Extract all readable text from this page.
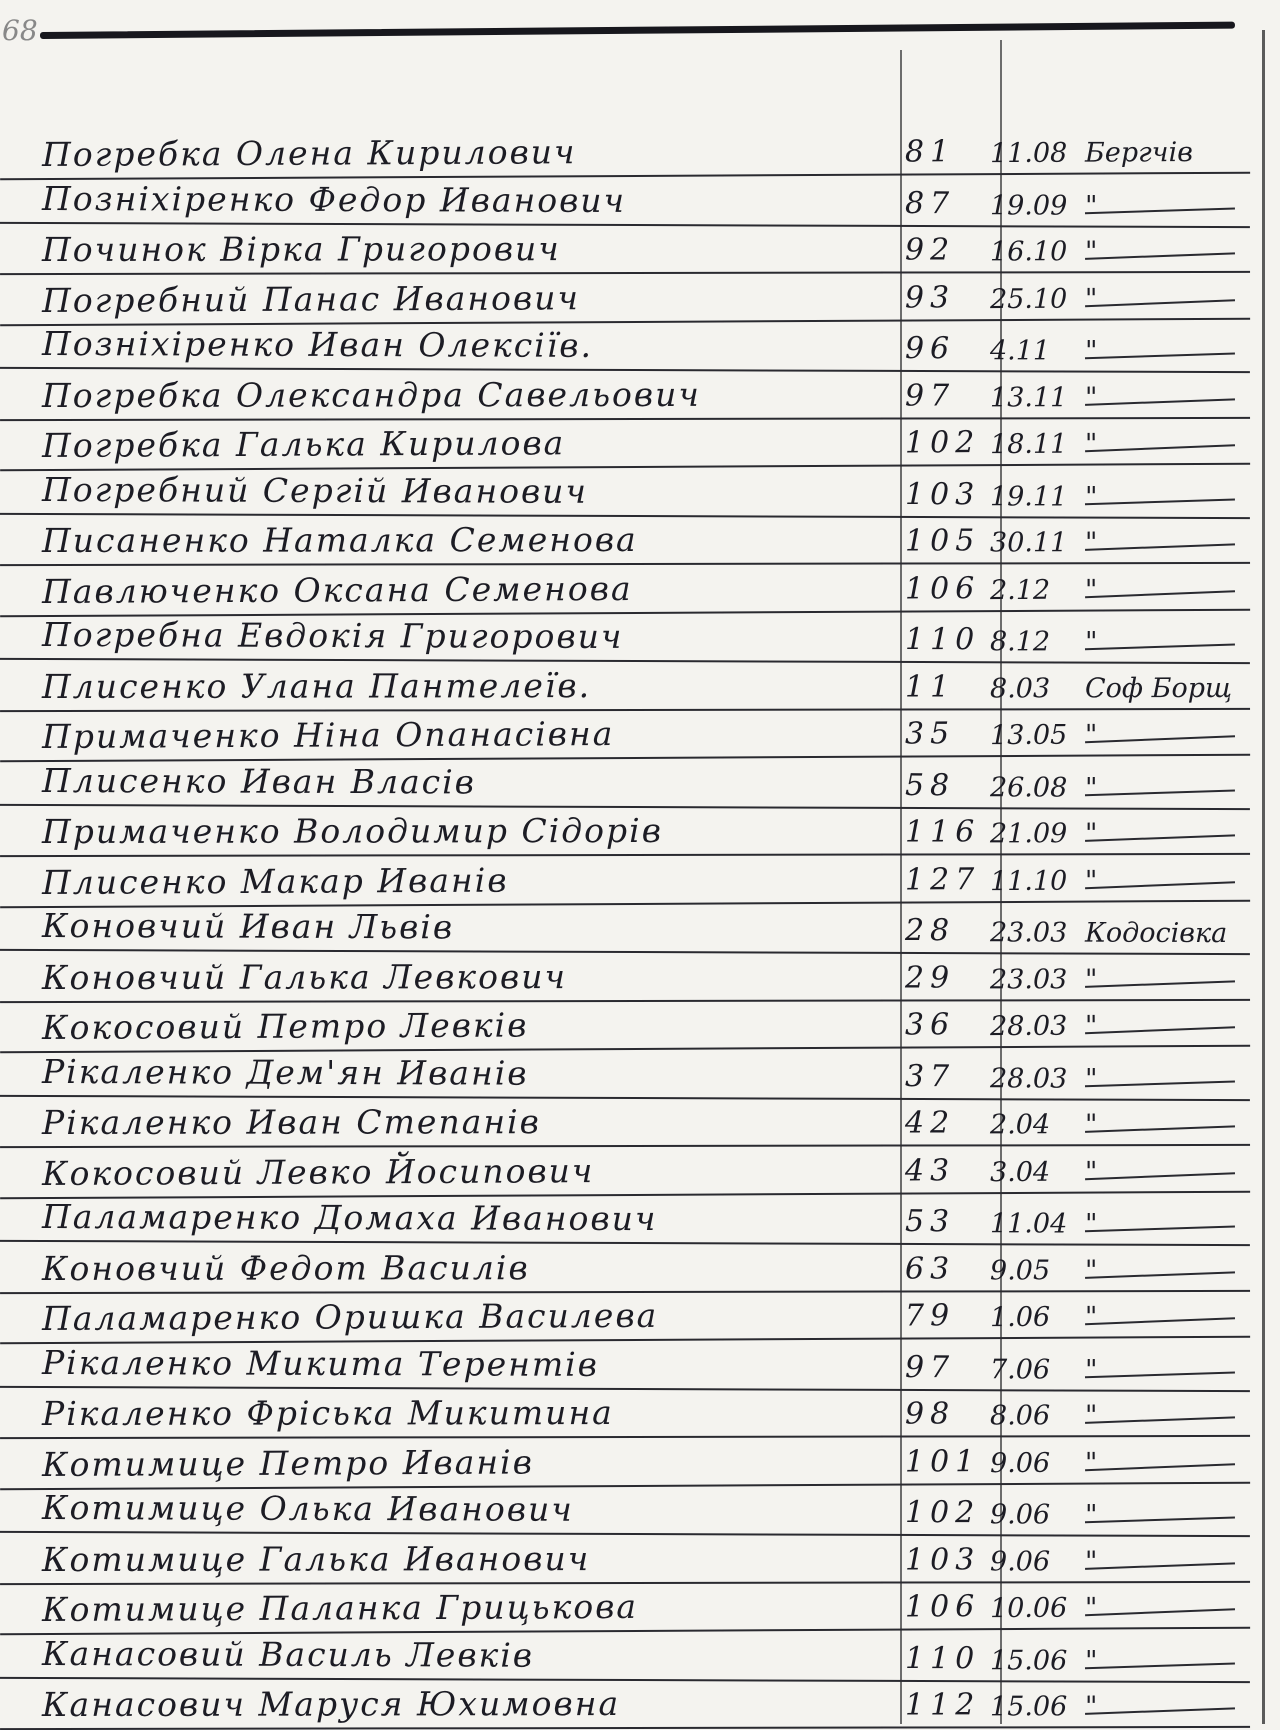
68
Погребка Олена Кирилович	81 11.08 Бергчів
Позніхіренко Федор Иванович	87 19.09 "
Починок Вірка Григорович	92 16.10 "
Погребний Панас Иванович	93 25.10 "
Позніхіренко Иван Олексіїв.	96 4.11 "
Погребка Олександра Савельович	97 13.11 "
Погребка Галька Кирилова	102 18.11 "
Погребний Сергій Иванович	103 19.11 "
Писаненко Наталка Семенова	105 30.11 "
Павлюченко Оксана Семенова	106 2.12 "
Погребна Евдокія Григорович	110 8.12 "
Плисенко Улана Пантелеїв.	11 8.03 Соф Борщ
Примаченко Ніна Опанасівна	35 13.05 "
Плисенко Иван Власів	58 26.08 "
Примаченко Володимир Сідорів	116 21.09 "
Плисенко Макар Иванів	127 11.10 "
Коновчий Иван Львів	28 23.03 Кодосівка
Коновчий Галька Левкович	29 23.03 "
Кокосовий Петро Левків	36 28.03 "
Рікаленко Дем'ян Иванів	37 28.03 "
Рікаленко Иван Степанів	42 2.04 "
Кокосовий Левко Йосипович	43 3.04 "
Паламаренко Домаха Иванович	53 11.04 "
Коновчий Федот Василів	63 9.05 "
Паламаренко Оришка Василева	79 1.06 "
Рікаленко Микита Терентів	97 7.06 "
Рікаленко Фріська Микитина	98 8.06 "
Котимице Петро Иванів	101 9.06 "
Котимице Олька Иванович	102 9.06 "
Котимице Галька Иванович	103 9.06 "
Котимице Паланка Грицькова	106 10.06 "
Канасовий Василь Левків	110 15.06 "
Канасович Маруся Юхимовна	112 15.06 "
